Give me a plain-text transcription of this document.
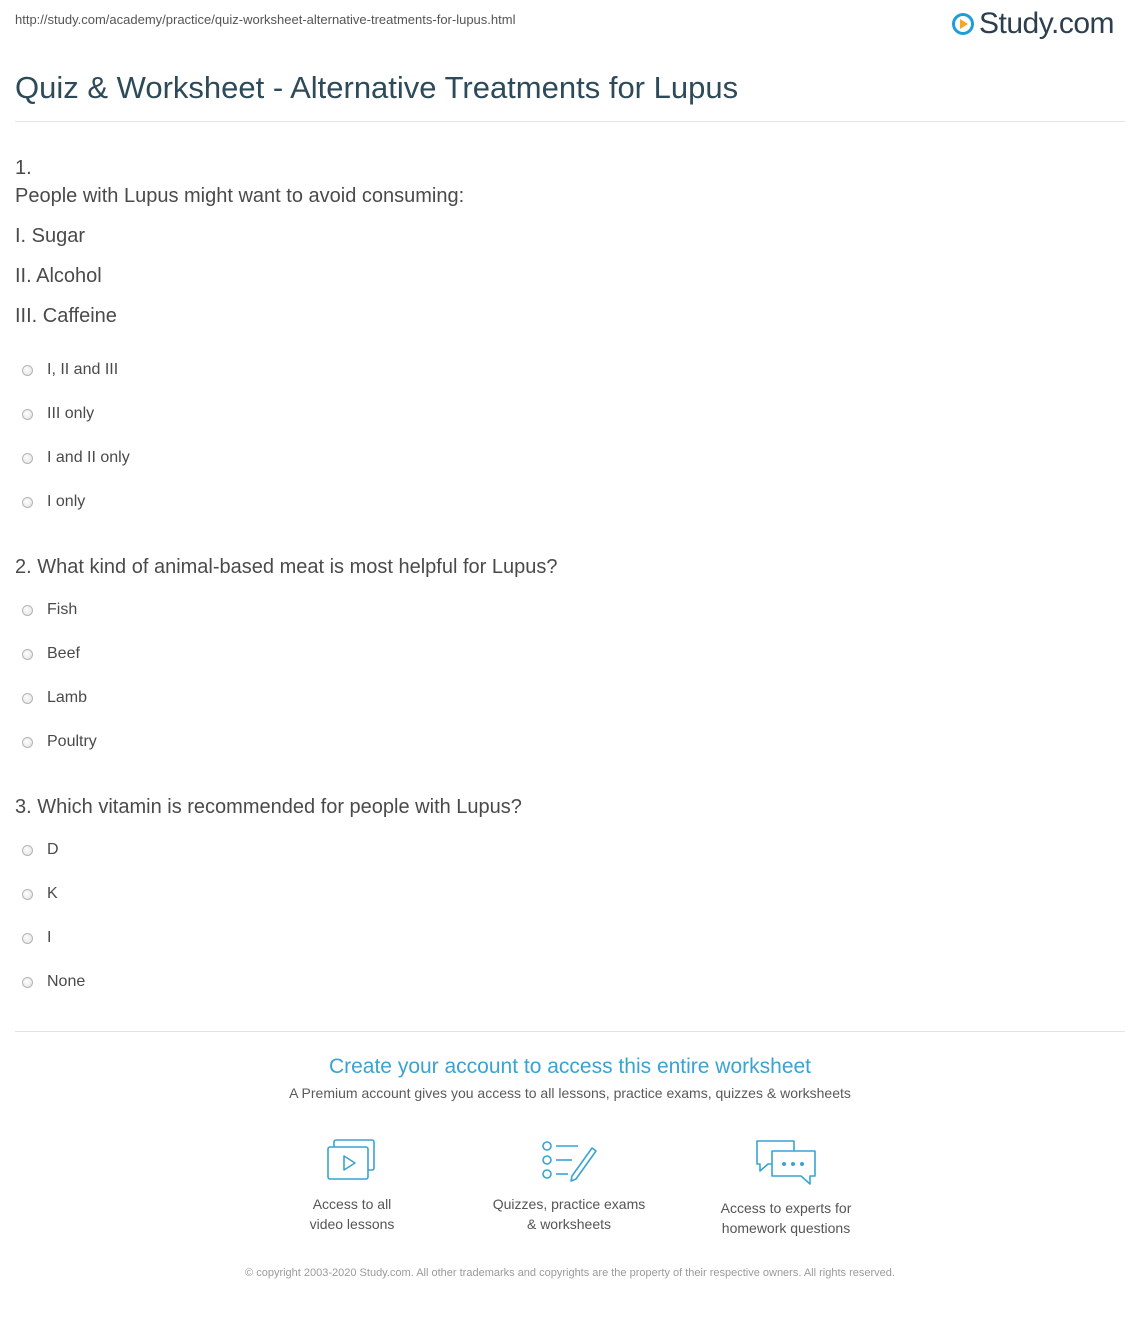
http://study.com/academy/practice/quiz-worksheet-alternative-treatments-for-lupus.html	Study.com
Quiz & Worksheet - Alternative Treatments for Lupus
1.
People with Lupus might want to avoid consuming:
I. Sugar
II. Alcohol
III. Caffeine
I, II and III
III only
I and II only
I only
2. What kind of animal-based meat is most helpful for Lupus?
Fish
Beef
Lamb
Poultry
3. Which vitamin is recommended for people with Lupus?
D
K
I
None
Create your account to access this entire worksheet
A Premium account gives you access to all lessons, practice exams, quizzes & worksheets
Access to all
video lessons
Quizzes, practice exams
& worksheets
Access to experts for
homework questions
© copyright 2003-2020 Study.com. All other trademarks and copyrights are the property of their respective owners. All rights reserved.
